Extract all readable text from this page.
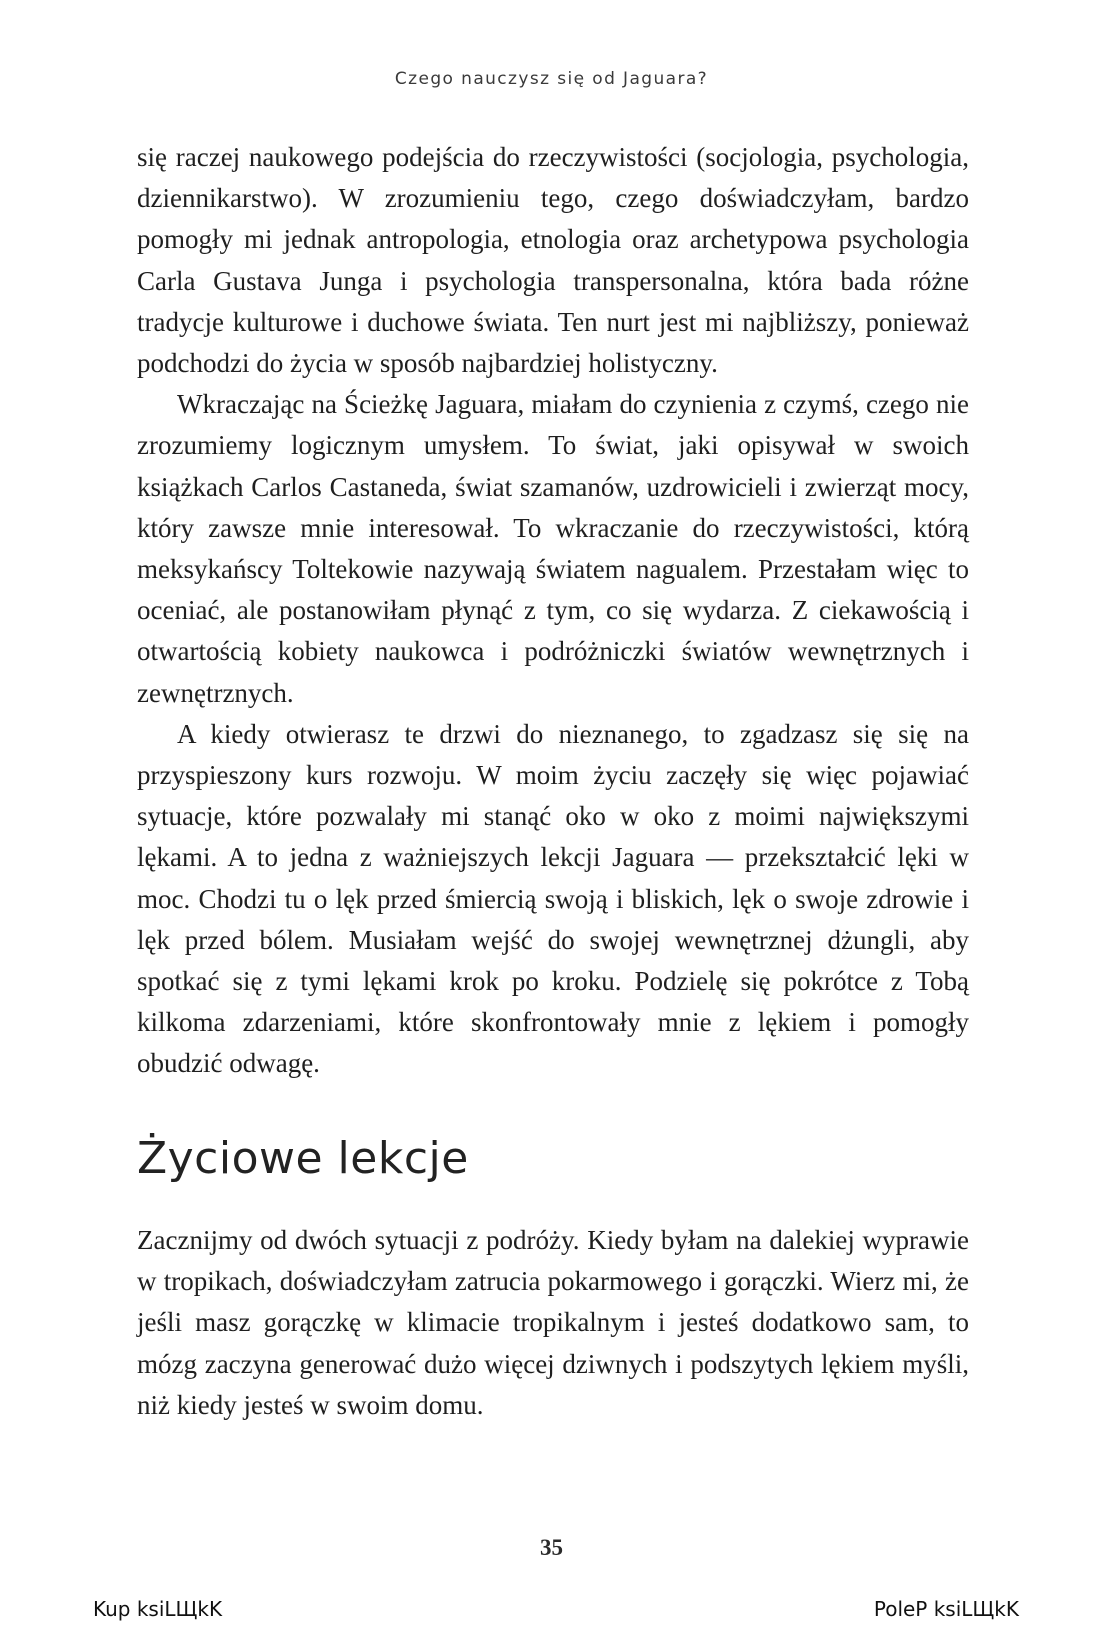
Czego nauczysz się od Jaguara?

się raczej naukowego podejścia do rzeczywistości (socjologia, psychologia, dziennikarstwo). W zrozumieniu tego, czego doświadczyłam, bardzo pomogły mi jednak antropologia, etnologia oraz archetypowa psychologia Carla Gustava Junga i psychologia transpersonalna, która bada różne tradycje kulturowe i duchowe świata. Ten nurt jest mi najbliższy, ponieważ podchodzi do życia w sposób najbardziej holistyczny.

Wkraczając na Ścieżkę Jaguara, miałam do czynienia z czymś, czego nie zrozumiemy logicznym umysłem. To świat, jaki opisywał w swoich książkach Carlos Castaneda, świat szamanów, uzdrowicieli i zwierząt mocy, który zawsze mnie interesował. To wkraczanie do rzeczywistości, którą meksykańscy Toltekowie nazywają światem nagualem. Przestałam więc to oceniać, ale postanowiłam płynąć z tym, co się wydarza. Z ciekawością i otwartością kobiety naukowca i podróżniczki światów wewnętrznych i zewnętrznych.

A kiedy otwierasz te drzwi do nieznanego, to zgadzasz się się na przyspieszony kurs rozwoju. W moim życiu zaczęły się więc pojawiać sytuacje, które pozwalały mi stanąć oko w oko z moimi największymi lękami. A to jedna z ważniejszych lekcji Jaguara — przekształcić lęki w moc. Chodzi tu o lęk przed śmiercią swoją i bliskich, lęk o swoje zdrowie i lęk przed bólem. Musiałam wejść do swojej wewnętrznej dżungli, aby spotkać się z tymi lękami krok po kroku. Podzielę się pokrótce z Tobą kilkoma zdarzeniami, które skonfrontowały mnie z lękiem i pomogły obudzić odwagę.

Życiowe lekcje

Zacznijmy od dwóch sytuacji z podróży. Kiedy byłam na dalekiej wyprawie w tropikach, doświadczyłam zatrucia pokarmowego i gorączki. Wierz mi, że jeśli masz gorączkę w klimacie tropikalnym i jesteś dodatkowo sam, to mózg zaczyna generować dużo więcej dziwnych i podszytych lękiem myśli, niż kiedy jesteś w swoim domu.

35
Kup ksiLЩkK	PoleP ksiLЩkK
